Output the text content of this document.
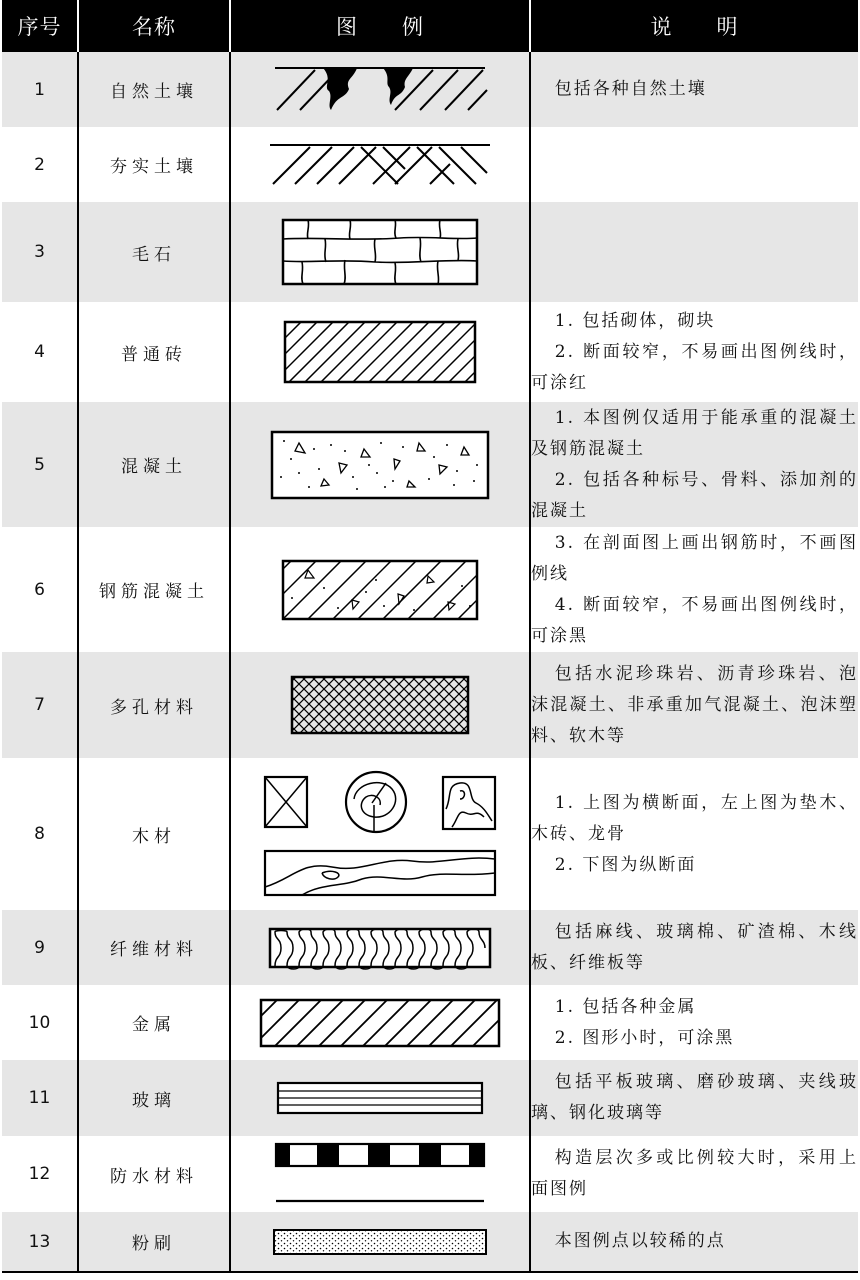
序号	名称	图　　例	说　　明
1	自然土壤		包括各种自然土壤

2	夯实土壤	

3	毛石	

4	普通砖		1. 包括砌体，砌块
2. 断面较窄，不易画出图例线时，可涂红

5	混凝土		1. 本图例仅适用于能承重的混凝土及钢筋混凝土
2. 包括各种标号、骨料、添加剂的混凝土

6	钢筋混凝土		3. 在剖面图上画出钢筋时，不画图例线
4. 断面较窄，不易画出图例线时，可涂黑

7	多孔材料		包括水泥珍珠岩、沥青珍珠岩、泡沫混凝土、非承重加气混凝土、泡沫塑料、软木等

8	木材		1. 上图为横断面，左上图为垫木、木砖、龙骨
2. 下图为纵断面

9	纤维材料		包括麻线、玻璃棉、矿渣棉、木线板、纤维板等

10	金属		1. 包括各种金属
2. 图形小时，可涂黑

11	玻璃		包括平板玻璃、磨砂玻璃、夹线玻璃、钢化玻璃等

12	防水材料		构造层次多或比例较大时，采用上面图例

13	粉刷		本图例点以较稀的点
